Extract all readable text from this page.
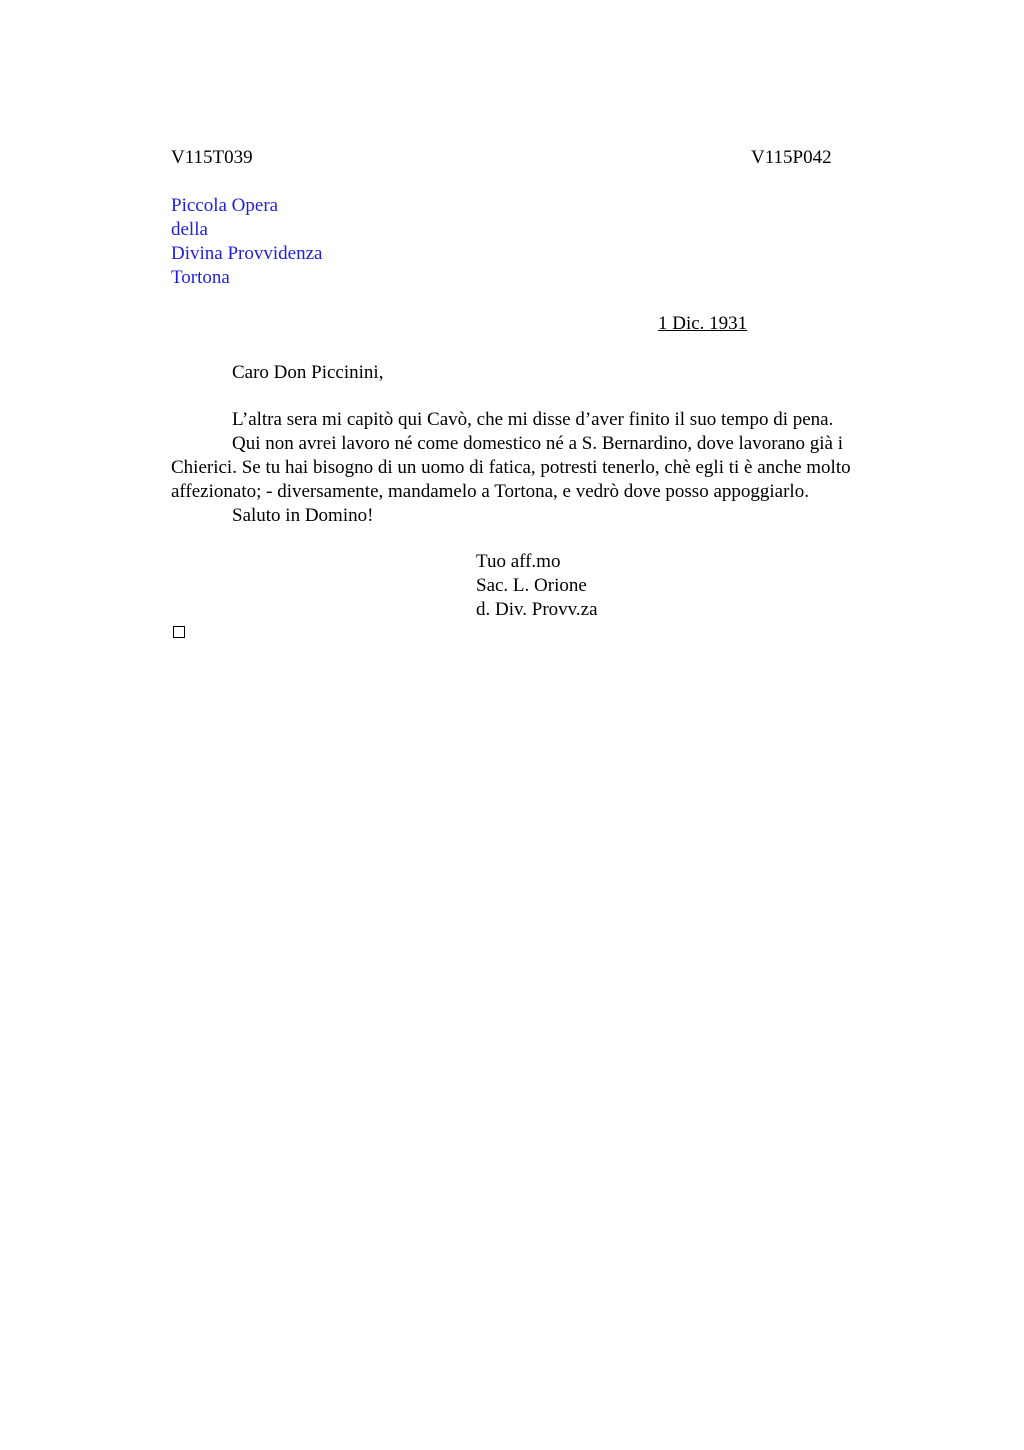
V115T039	V115P042
Piccola Opera
della
Divina Provvidenza
Tortona
1 Dic. 1931
Caro Don Piccinini,
L’altra sera mi capitò qui Cavò, che mi disse d’aver finito il suo tempo di pena.
Qui non avrei lavoro né come domestico né a S. Bernardino, dove lavorano già i
Chierici. Se tu hai bisogno di un uomo di fatica, potresti tenerlo, chè egli ti è anche molto
affezionato; - diversamente, mandamelo a Tortona, e vedrò dove posso appoggiarlo.
Saluto in Domino!
Tuo aff.mo
Sac. L. Orione
d. Div. Provv.za
